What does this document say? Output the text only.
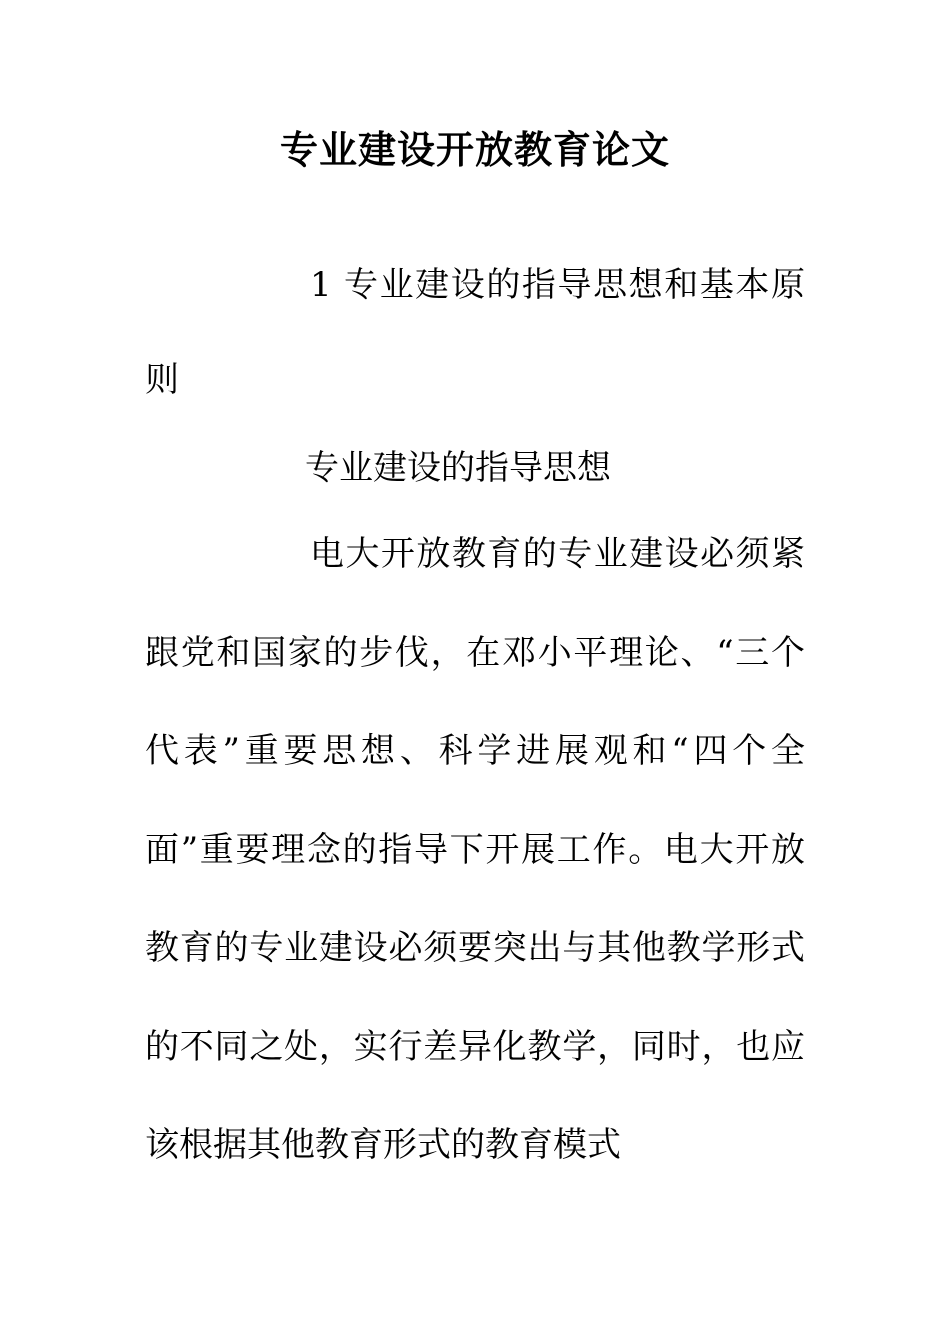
专业建设开放教育论文
1 专业建设的指导思想和基本原则
专业建设的指导思想
电大开放教育的专业建设必须紧跟党和国家的步伐，在邓小平理论、“三个代表”重要思想、科学进展观和“四个全面”重要理念的指导下开展工作。电大开放教育的专业建设必须要突出与其他教学形式的不同之处，实行差异化教学，同时，也应该根据其他教育形式的教育模式
